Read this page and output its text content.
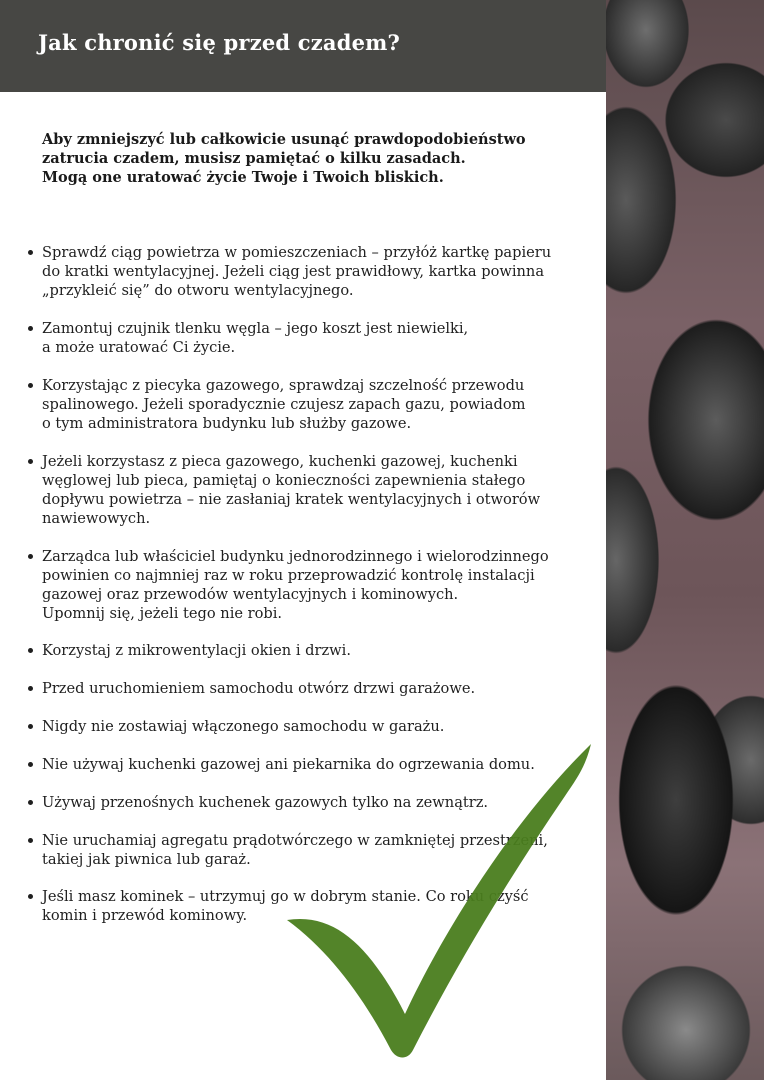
Jak chronić się przed czadem?

Aby zmniejszyć lub całkowicie usunąć prawdopodobieństwo
zatrucia czadem, musisz pamiętać o kilku zasadach.
Mogą one uratować życie Twoje i Twoich bliskich.

Sprawdź ciąg powietrza w pomieszczeniach – przyłóż kartkę papieru
do kratki wentylacyjnej. Jeżeli ciąg jest prawidłowy, kartka powinna
„przykleić się” do otworu wentylacyjnego.
Zamontuj czujnik tlenku węgla – jego koszt jest niewielki,
a może uratować Ci życie.
Korzystając z piecyka gazowego, sprawdzaj szczelność przewodu
spalinowego. Jeżeli sporadycznie czujesz zapach gazu, powiadom
o tym administratora budynku lub służby gazowe.
Jeżeli korzystasz z pieca gazowego, kuchenki gazowej, kuchenki
węglowej lub pieca, pamiętaj o konieczności zapewnienia stałego
dopływu powietrza – nie zasłaniaj kratek wentylacyjnych i otworów
nawiewowych.
Zarządca lub właściciel budynku jednorodzinnego i wielorodzinnego
powinien co najmniej raz w roku przeprowadzić kontrolę instalacji
gazowej oraz przewodów wentylacyjnych i kominowych.
Upomnij się, jeżeli tego nie robi.
Korzystaj z mikrowentylacji okien i drzwi.
Przed uruchomieniem samochodu otwórz drzwi garażowe.
Nigdy nie zostawiaj włączonego samochodu w garażu.
Nie używaj kuchenki gazowej ani piekarnika do ogrzewania domu.
Używaj przenośnych kuchenek gazowych tylko na zewnątrz.
Nie uruchamiaj agregatu prądotwórczego w zamkniętej przestrzeni,
takiej jak piwnica lub garaż.
Jeśli masz kominek – utrzymuj go w dobrym stanie. Co roku czyść
komin i przewód kominowy.
